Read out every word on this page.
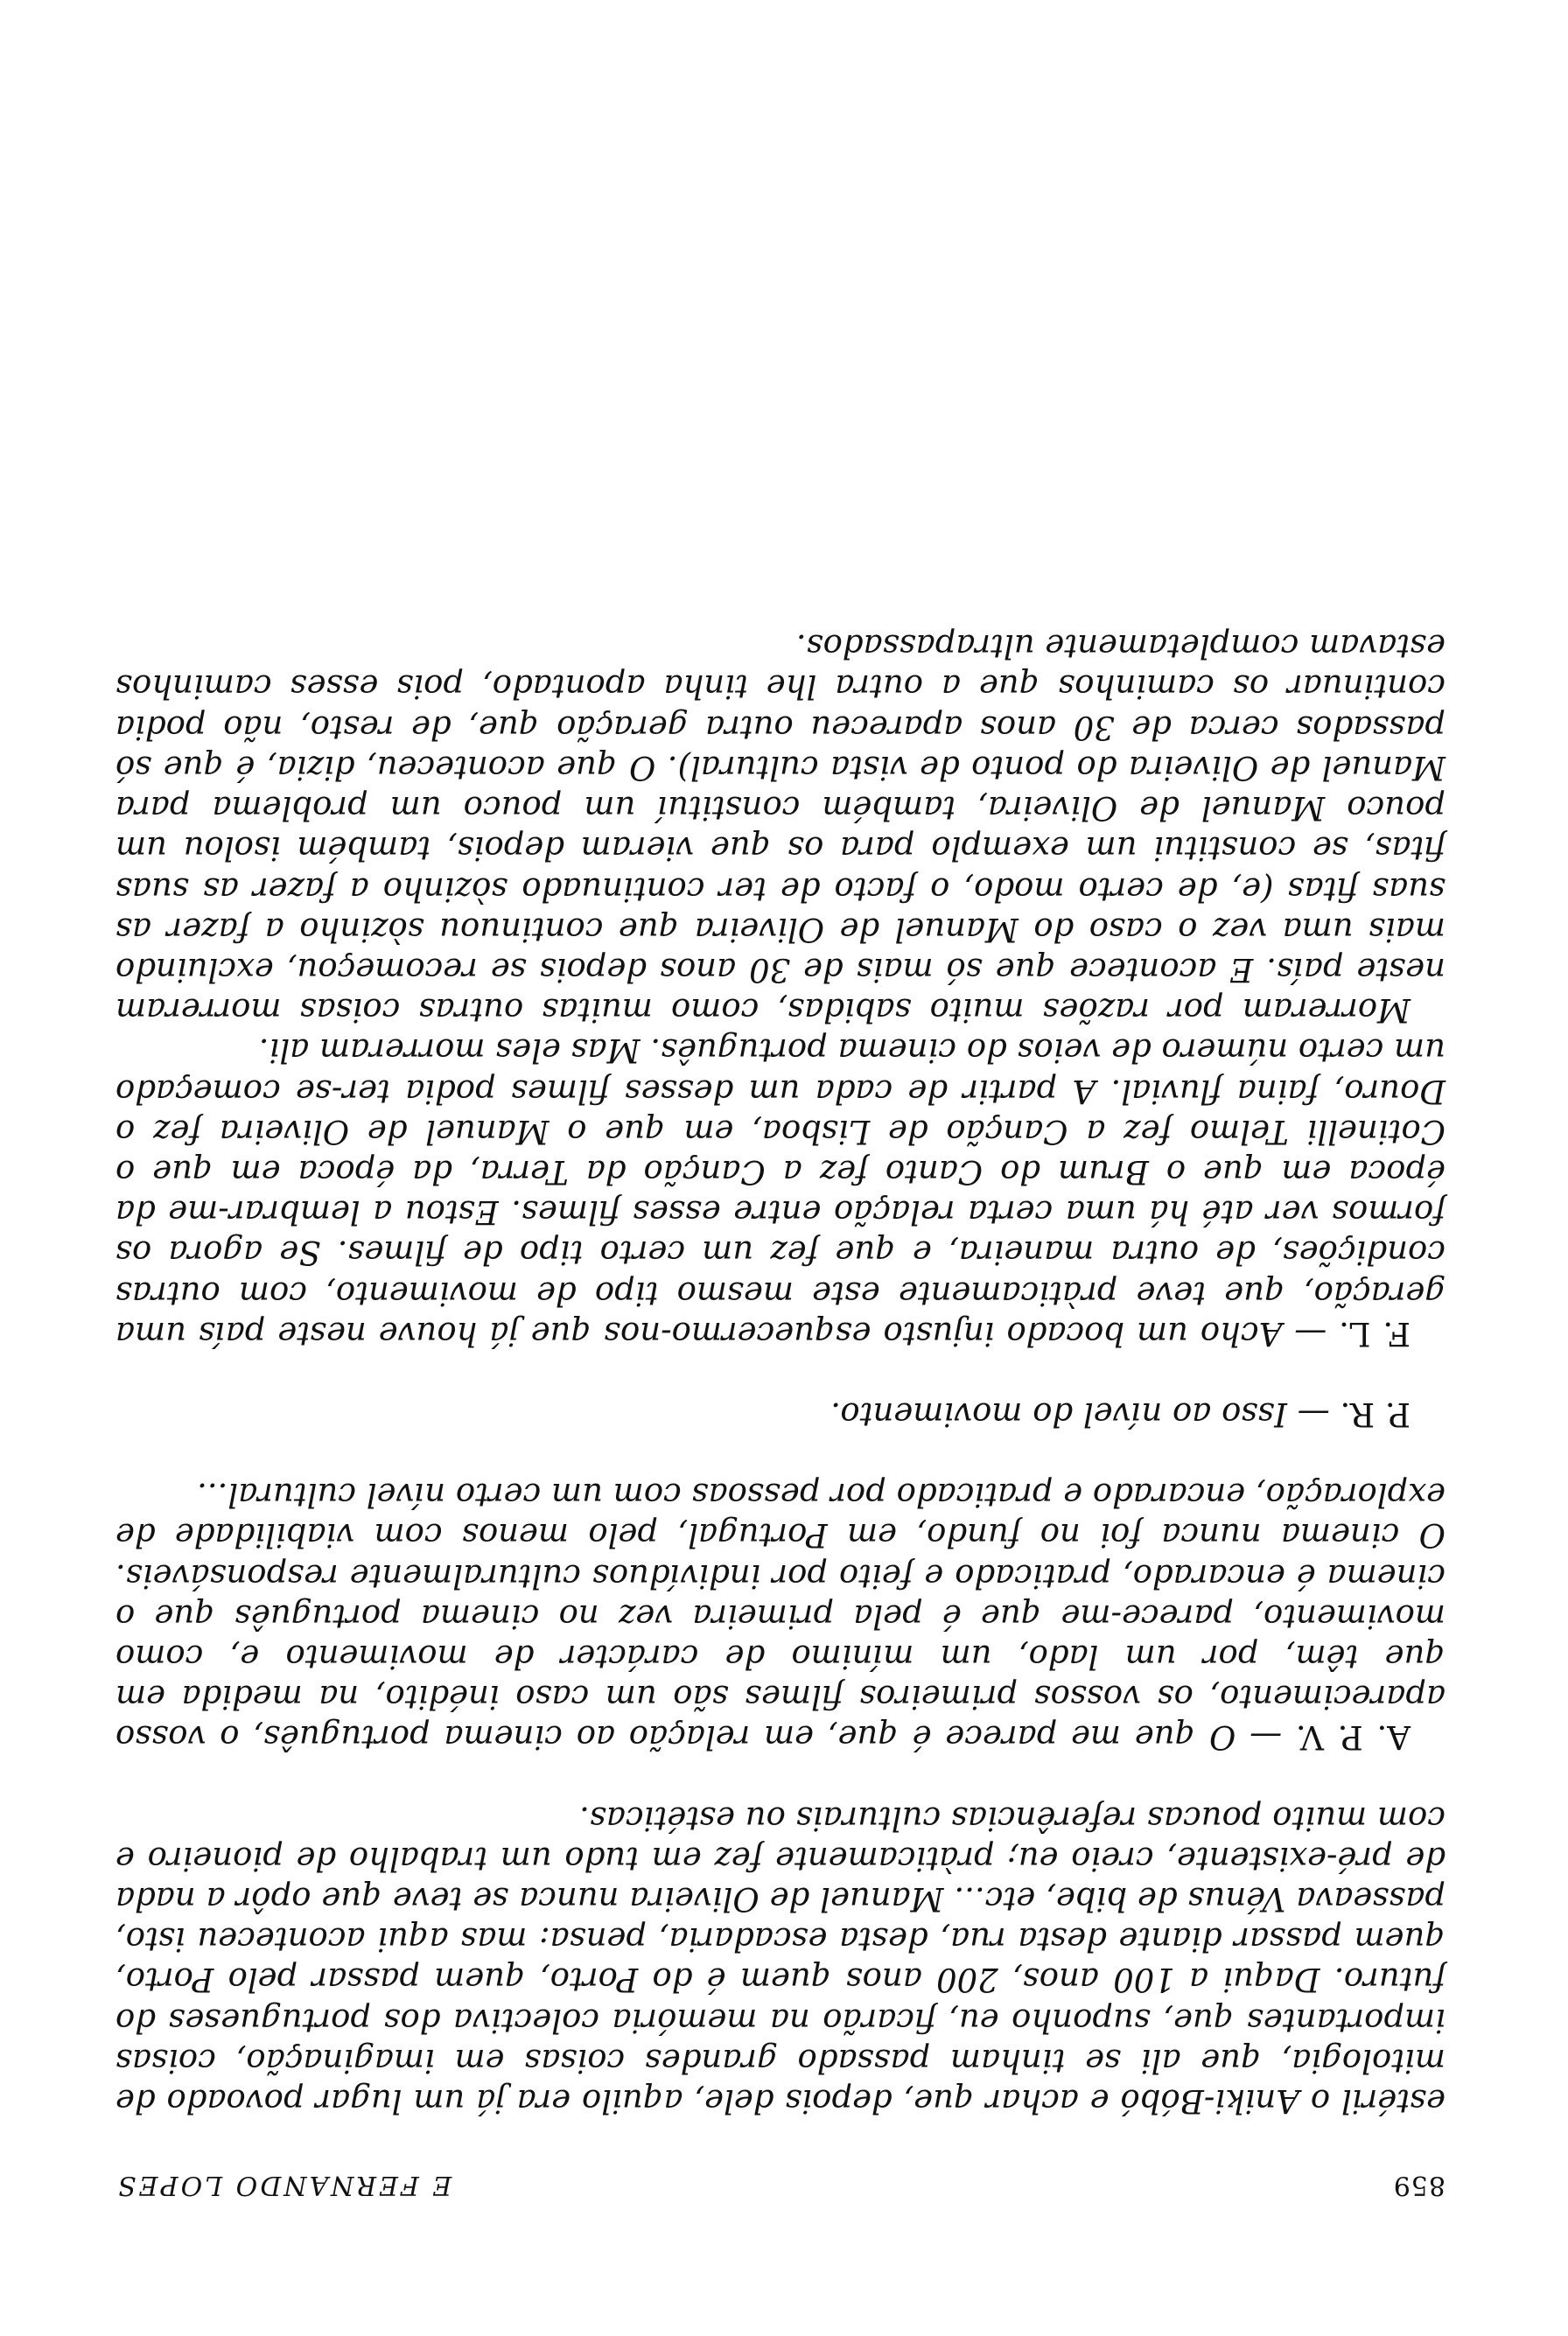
E FERNANDO LOPES	859

estéril o Aniki-Bóbó e achar que, depois dele, aquilo era já um lugar povoado de mitologia, que ali se tinham passado grandes coisas em imaginação, coisas importantes que, suponho eu, ficarão na memória colectiva dos portugueses do futuro. Daqui a 100 anos, 200 anos quem é do Porto, quem passar pelo Porto, quem passar diante desta rua, desta escadaria, pensa: mas aqui aconteceu isto, passeava Vénus de bibe, etc... Manuel de Oliveira nunca se teve que opôr a nada de pré-existente, creio eu; pràticamente fez em tudo um trabalho de pioneiro e com muito poucas referências culturais ou estéticas.

A. P. V. — O que me parece é que, em relação ao cinema português, o vosso aparecimento, os vossos primeiros filmes são um caso inédito, na medida em que têm, por um lado, um mínimo de carácter de movimento e, como movimento, parece-me que é pela primeira vez no cinema português que o cinema é encarado, praticado e feito por indivíduos culturalmente responsáveis. O cinema nunca foi no fundo, em Portugal, pelo menos com viabilidade de exploração, encarado e praticado por pessoas com um certo nível cultural...

P. R. — Isso ao nível do movimento.

F. L. — Acho um bocado injusto esquecermo-nos que já houve neste país uma geração, que teve pràticamente este mesmo tipo de movimento, com outras condições, de outra maneira, e que fez um certo tipo de filmes. Se agora os formos ver até há uma certa relação entre esses filmes. Estou a lembrar-me da época em que o Brum do Canto fez a Canção da Terra, da época em que o Cotinelli Telmo fez a Canção de Lisboa, em que o Manuel de Oliveira fez o Douro, faina fluvial. A partir de cada um desses filmes podia ter-se começado um certo número de veios do cinema português. Mas eles morreram ali.

Morreram por razões muito sabidas, como muitas outras coisas morreram neste país. E acontece que só mais de 30 anos depois se recomeçou, excluindo mais uma vez o caso do Manuel de Oliveira que continuou sòzinho a fazer as suas fitas (e, de certo modo, o facto de ter continuado sòzinho a fazer as suas fitas, se constitui um exemplo para os que vieram depois, também isolou um pouco Manuel de Oliveira, também constituí um pouco um problema para Manuel de Oliveira do ponto de vista cultural). O que aconteceu, dizia, é que só passados cerca de 30 anos apareceu outra geração que, de resto, não podia continuar os caminhos que a outra lhe tinha apontado, pois esses caminhos estavam completamente ultrapassados.
